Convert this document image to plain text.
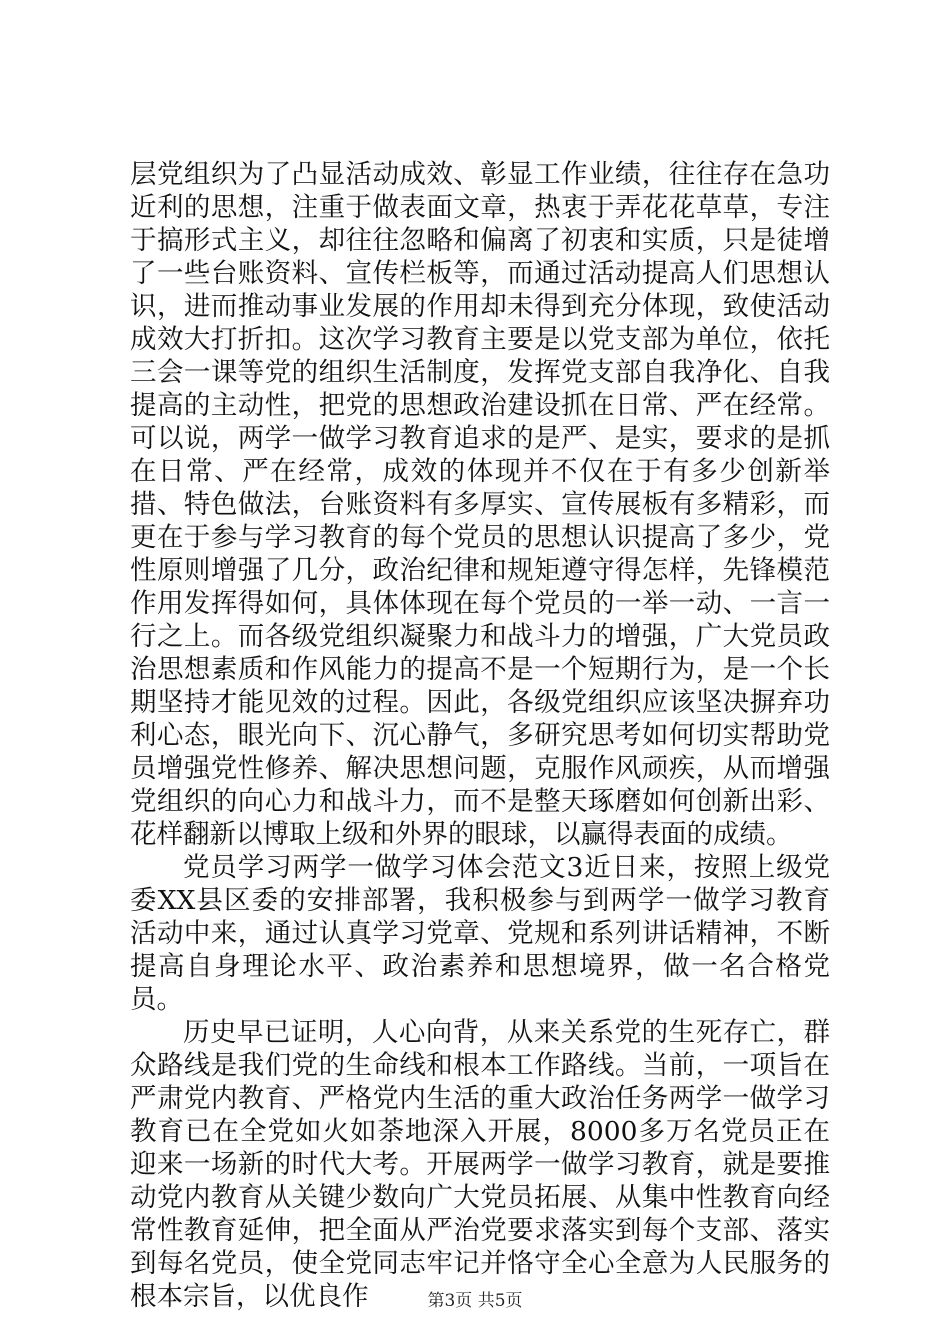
层党组织为了凸显活动成效、彰显工作业绩，往往存在急功近利的思想，注重于做表面文章，热衷于弄花花草草，专注于搞形式主义，却往往忽略和偏离了初衷和实质，只是徒增了一些台账资料、宣传栏板等，而通过活动提高人们思想认识，进而推动事业发展的作用却未得到充分体现，致使活动成效大打折扣。这次学习教育主要是以党支部为单位，依托三会一课等党的组织生活制度，发挥党支部自我净化、自我提高的主动性，把党的思想政治建设抓在日常、严在经常。可以说，两学一做学习教育追求的是严、是实，要求的是抓在日常、严在经常，成效的体现并不仅在于有多少创新举措、特色做法，台账资料有多厚实、宣传展板有多精彩，而更在于参与学习教育的每个党员的思想认识提高了多少，党性原则增强了几分，政治纪律和规矩遵守得怎样，先锋模范作用发挥得如何，具体体现在每个党员的一举一动、一言一行之上。而各级党组织凝聚力和战斗力的增强，广大党员政治思想素质和作风能力的提高不是一个短期行为，是一个长期坚持才能见效的过程。因此，各级党组织应该坚决摒弃功利心态，眼光向下、沉心静气，多研究思考如何切实帮助党员增强党性修养、解决思想问题，克服作风顽疾，从而增强党组织的向心力和战斗力，而不是整天琢磨如何创新出彩、花样翻新以博取上级和外界的眼球，以赢得表面的成绩。

党员学习两学一做学习体会范文3近日来，按照上级党委XX县区委的安排部署，我积极参与到两学一做学习教育活动中来，通过认真学习党章、党规和系列讲话精神，不断提高自身理论水平、政治素养和思想境界，做一名合格党员。

历史早已证明，人心向背，从来关系党的生死存亡，群众路线是我们党的生命线和根本工作路线。当前，一项旨在严肃党内教育、严格党内生活的重大政治任务两学一做学习教育已在全党如火如荼地深入开展，8000多万名党员正在迎来一场新的时代大考。开展两学一做学习教育，就是要推动党内教育从关键少数向广大党员拓展、从集中性教育向经常性教育延伸，把全面从严治党要求落实到每个支部、落实到每名党员，使全党同志牢记并恪守全心全意为人民服务的根本宗旨，以优良作	第3页 共5页
